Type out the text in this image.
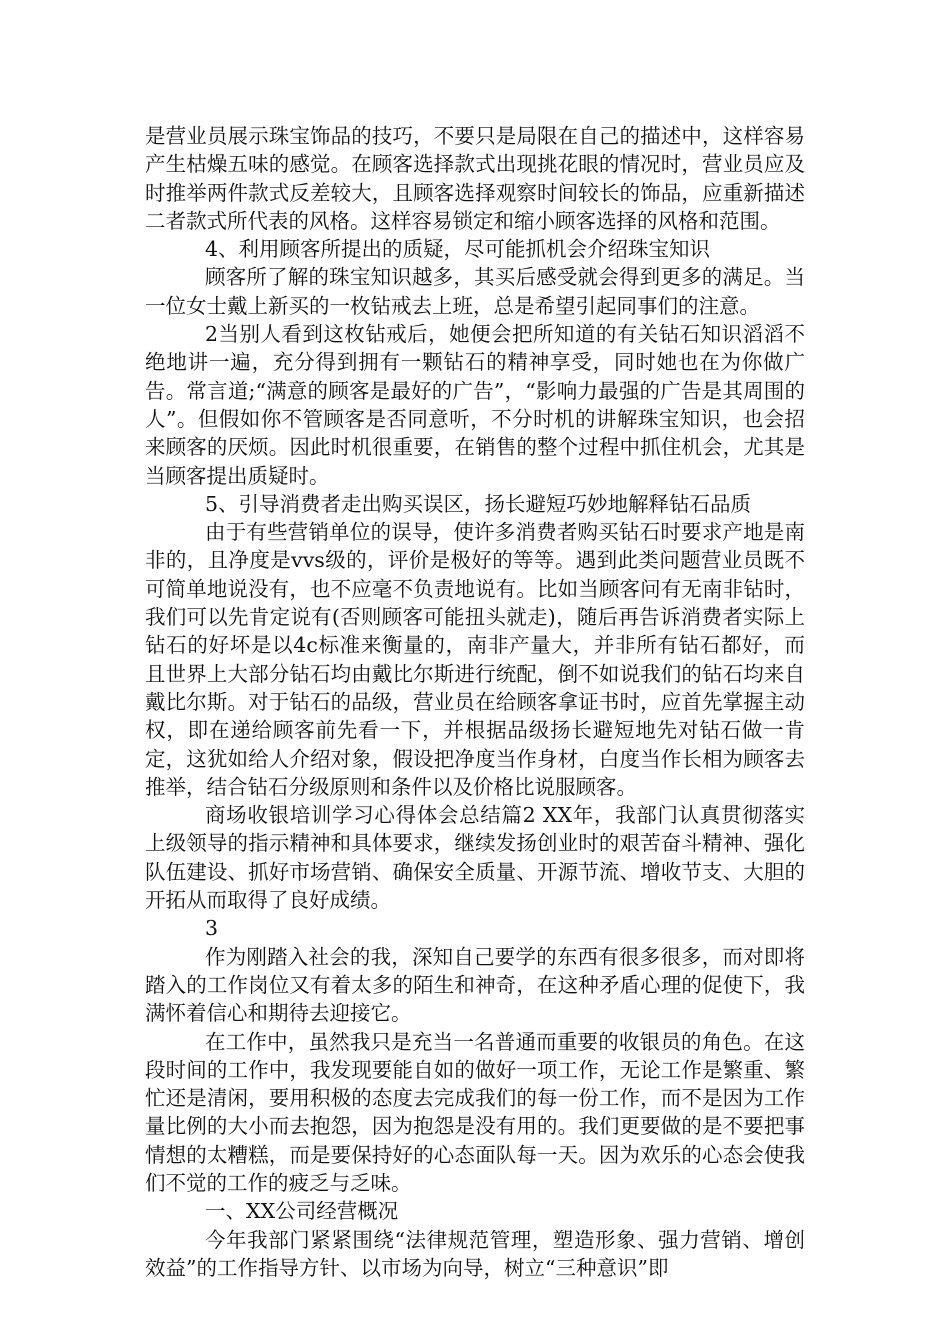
是营业员展示珠宝饰品的技巧，不要只是局限在自己的描述中，这样容易产生枯燥五味的感觉。在顾客选择款式出现挑花眼的情况时，营业员应及时推举两件款式反差较大，且顾客选择观察时间较长的饰品，应重新描述二者款式所代表的风格。这样容易锁定和缩小顾客选择的风格和范围。

4、利用顾客所提出的质疑，尽可能抓机会介绍珠宝知识

顾客所了解的珠宝知识越多，其买后感受就会得到更多的满足。当一位女士戴上新买的一枚钻戒去上班，总是希望引起同事们的注意。

2当别人看到这枚钻戒后，她便会把所知道的有关钻石知识滔滔不绝地讲一遍，充分得到拥有一颗钻石的精神享受，同时她也在为你做广告。常言道;“满意的顾客是最好的广告”，“影响力最强的广告是其周围的人”。但假如你不管顾客是否同意听，不分时机的讲解珠宝知识，也会招来顾客的厌烦。因此时机很重要，在销售的整个过程中抓住机会，尤其是当顾客提出质疑时。

5、引导消费者走出购买误区，扬长避短巧妙地解释钻石品质

由于有些营销单位的误导，使许多消费者购买钻石时要求产地是南非的，且净度是vvs级的，评价是极好的等等。遇到此类问题营业员既不可简单地说没有，也不应毫不负责地说有。比如当顾客问有无南非钻时，我们可以先肯定说有(否则顾客可能扭头就走)，随后再告诉消费者实际上钻石的好坏是以4c标准来衡量的，南非产量大，并非所有钻石都好，而且世界上大部分钻石均由戴比尔斯进行统配，倒不如说我们的钻石均来自戴比尔斯。对于钻石的品级，营业员在给顾客拿证书时，应首先掌握主动权，即在递给顾客前先看一下，并根据品级扬长避短地先对钻石做一肯定，这犹如给人介绍对象，假设把净度当作身材，白度当作长相为顾客去推举，结合钻石分级原则和条件以及价格比说服顾客。

商场收银培训学习心得体会总结篇2 XX年，我部门认真贯彻落实上级领导的指示精神和具体要求，继续发扬创业时的艰苦奋斗精神、强化队伍建设、抓好市场营销、确保安全质量、开源节流、增收节支、大胆的开拓从而取得了良好成绩。

3

作为刚踏入社会的我，深知自己要学的东西有很多很多，而对即将踏入的工作岗位又有着太多的陌生和神奇，在这种矛盾心理的促使下，我满怀着信心和期待去迎接它。

在工作中，虽然我只是充当一名普通而重要的收银员的角色。在这段时间的工作中，我发现要能自如的做好一项工作，无论工作是繁重、繁忙还是清闲，要用积极的态度去完成我们的每一份工作，而不是因为工作量比例的大小而去抱怨，因为抱怨是没有用的。我们更要做的是不要把事情想的太糟糕，而是要保持好的心态面队每一天。因为欢乐的心态会使我们不觉的工作的疲乏与乏味。

一、XX公司经营概况

今年我部门紧紧围绕“法律规范管理，塑造形象、强力营销、增创效益”的工作指导方针、以市场为向导，树立“三种意识”即
